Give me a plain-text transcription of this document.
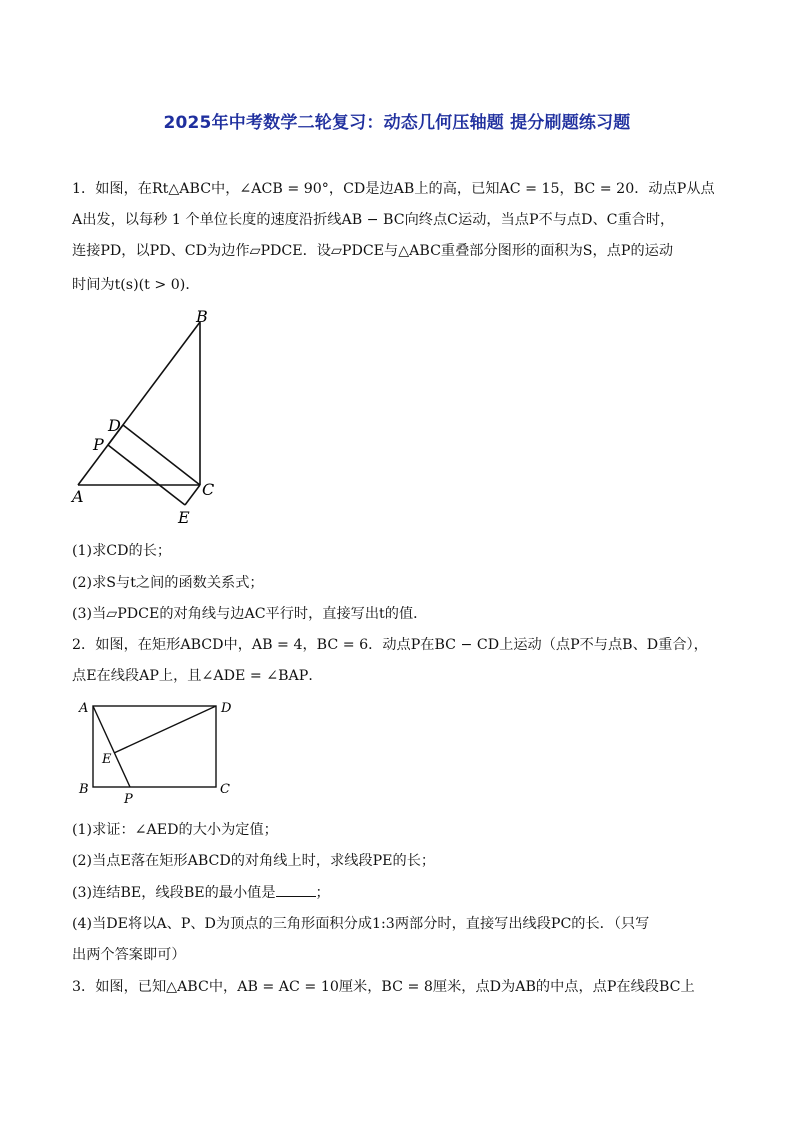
2025年中考数学二轮复习：动态几何压轴题 提分刷题练习题
1．如图，在Rt△ABC中，∠ACB = 90°，CD是边AB上的高，已知AC = 15，BC = 20．动点P从点
A出发，以每秒 1 个单位长度的速度沿折线AB − BC向终点C运动，当点P不与点D、C重合时，
连接PD，以PD、CD为边作▱PDCE．设▱PDCE与△ABC重叠部分图形的面积为S，点P的运动
时间为t(s)(t > 0)．
B
D
P
A	C
E
(1)求CD的长；
(2)求S与t之间的函数关系式；
(3)当▱PDCE的对角线与边AC平行时，直接写出t的值．
2．如图，在矩形ABCD中，AB = 4，BC = 6．动点P在BC − CD上运动（点P不与点B、D重合），
点E在线段AP上，且∠ADE = ∠BAP．
A	D
E
B
P
C
(1)求证：∠AED的大小为定值；
(2)当点E落在矩形ABCD的对角线上时，求线段PE的长；
(3)连结BE，线段BE的最小值是	；
(4)当DE将以A、P、D为顶点的三角形面积分成1:3两部分时，直接写出线段PC的长．（只写
出两个答案即可）
3．如图，已知△ABC中，AB = AC = 10厘米，BC = 8厘米，点D为AB的中点，点P在线段BC上
